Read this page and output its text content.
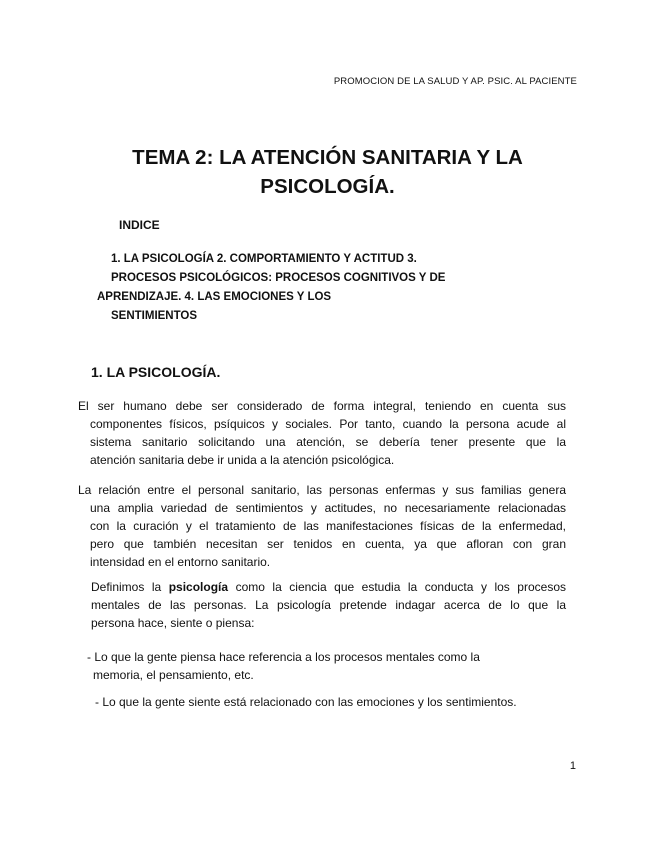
PROMOCION DE LA SALUD Y AP. PSIC. AL PACIENTE
TEMA 2: LA ATENCIÓN SANITARIA Y LA
PSICOLOGÍA.
INDICE
1. LA PSICOLOGÍA 2. COMPORTAMIENTO Y ACTITUD 3.
PROCESOS PSICOLÓGICOS: PROCESOS COGNITIVOS Y DE
APRENDIZAJE. 4. LAS EMOCIONES Y LOS
SENTIMIENTOS
1. LA PSICOLOGÍA.
El ser humano debe ser considerado de forma integral, teniendo en cuenta sus
componentes físicos, psíquicos y sociales. Por tanto, cuando la persona acude al
sistema sanitario solicitando una atención, se debería tener presente que la
atención sanitaria debe ir unida a la atención psicológica.
La relación entre el personal sanitario, las personas enfermas y sus familias genera
una amplia variedad de sentimientos y actitudes, no necesariamente relacionadas
con la curación y el tratamiento de las manifestaciones físicas de la enfermedad,
pero que también necesitan ser tenidos en cuenta, ya que afloran con gran
intensidad en el entorno sanitario.
Definimos la psicología como la ciencia que estudia la conducta y los procesos
mentales de las personas. La psicología pretende indagar acerca de lo que la
persona hace, siente o piensa:
- Lo que la gente piensa hace referencia a los procesos mentales como la
memoria, el pensamiento, etc.
- Lo que la gente siente está relacionado con las emociones y los sentimientos.
1
